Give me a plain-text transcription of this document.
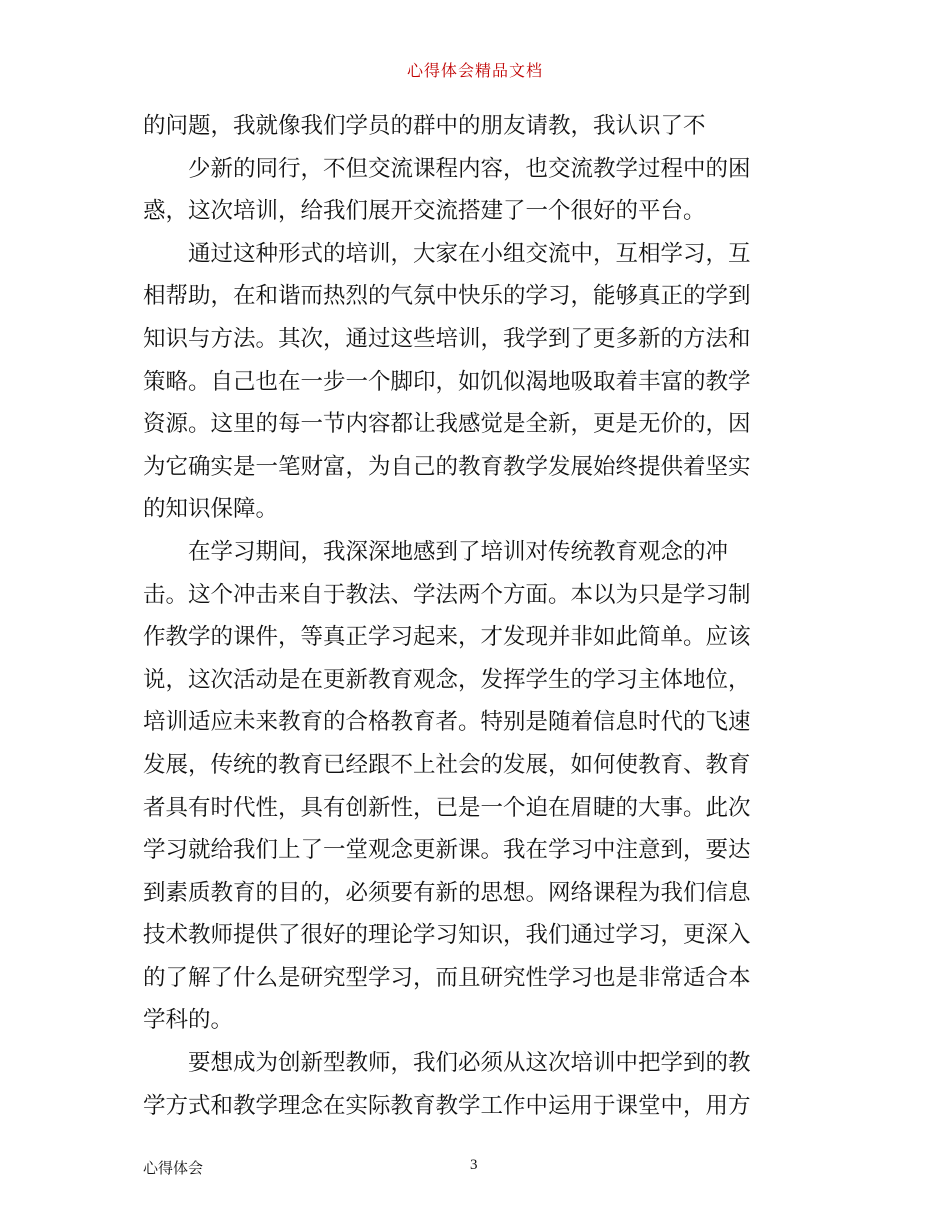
心得体会精品文档
的问题，我就像我们学员的群中的朋友请教，我认识了不
少新的同行，不但交流课程内容，也交流教学过程中的困
惑，这次培训，给我们展开交流搭建了一个很好的平台。
通过这种形式的培训，大家在小组交流中，互相学习，互
相帮助，在和谐而热烈的气氛中快乐的学习，能够真正的学到
知识与方法。其次，通过这些培训，我学到了更多新的方法和
策略。自己也在一步一个脚印，如饥似渴地吸取着丰富的教学
资源。这里的每一节内容都让我感觉是全新，更是无价的，因
为它确实是一笔财富，为自己的教育教学发展始终提供着坚实
的知识保障。
在学习期间，我深深地感到了培训对传统教育观念的冲
击。这个冲击来自于教法、学法两个方面。本以为只是学习制
作教学的课件，等真正学习起来，才发现并非如此简单。应该
说，这次活动是在更新教育观念，发挥学生的学习主体地位，
培训适应未来教育的合格教育者。特别是随着信息时代的飞速
发展，传统的教育已经跟不上社会的发展，如何使教育、教育
者具有时代性，具有创新性，已是一个迫在眉睫的大事。此次
学习就给我们上了一堂观念更新课。我在学习中注意到，要达
到素质教育的目的，必须要有新的思想。网络课程为我们信息
技术教师提供了很好的理论学习知识，我们通过学习，更深入
的了解了什么是研究型学习，而且研究性学习也是非常适合本
学科的。
要想成为创新型教师，我们必须从这次培训中把学到的教
学方式和教学理念在实际教育教学工作中运用于课堂中，用方
心得体会	3
